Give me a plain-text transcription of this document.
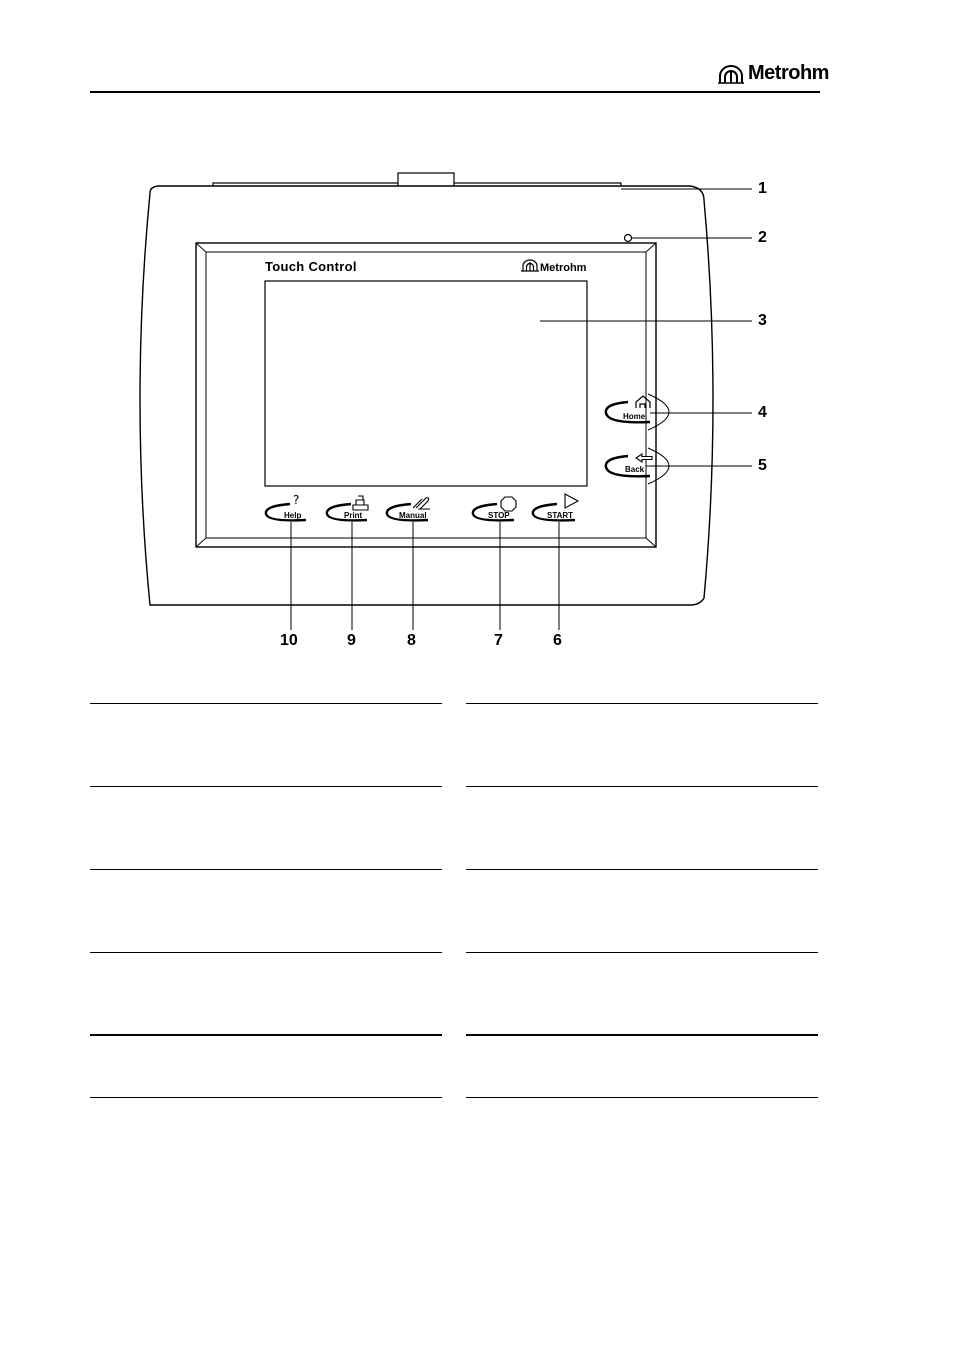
Metrohm
Touch Control	Metrohm
Home
Back
?
Help	Print	Manual	STOP	START
1
2
3
4
5
6
7
8
9
10
